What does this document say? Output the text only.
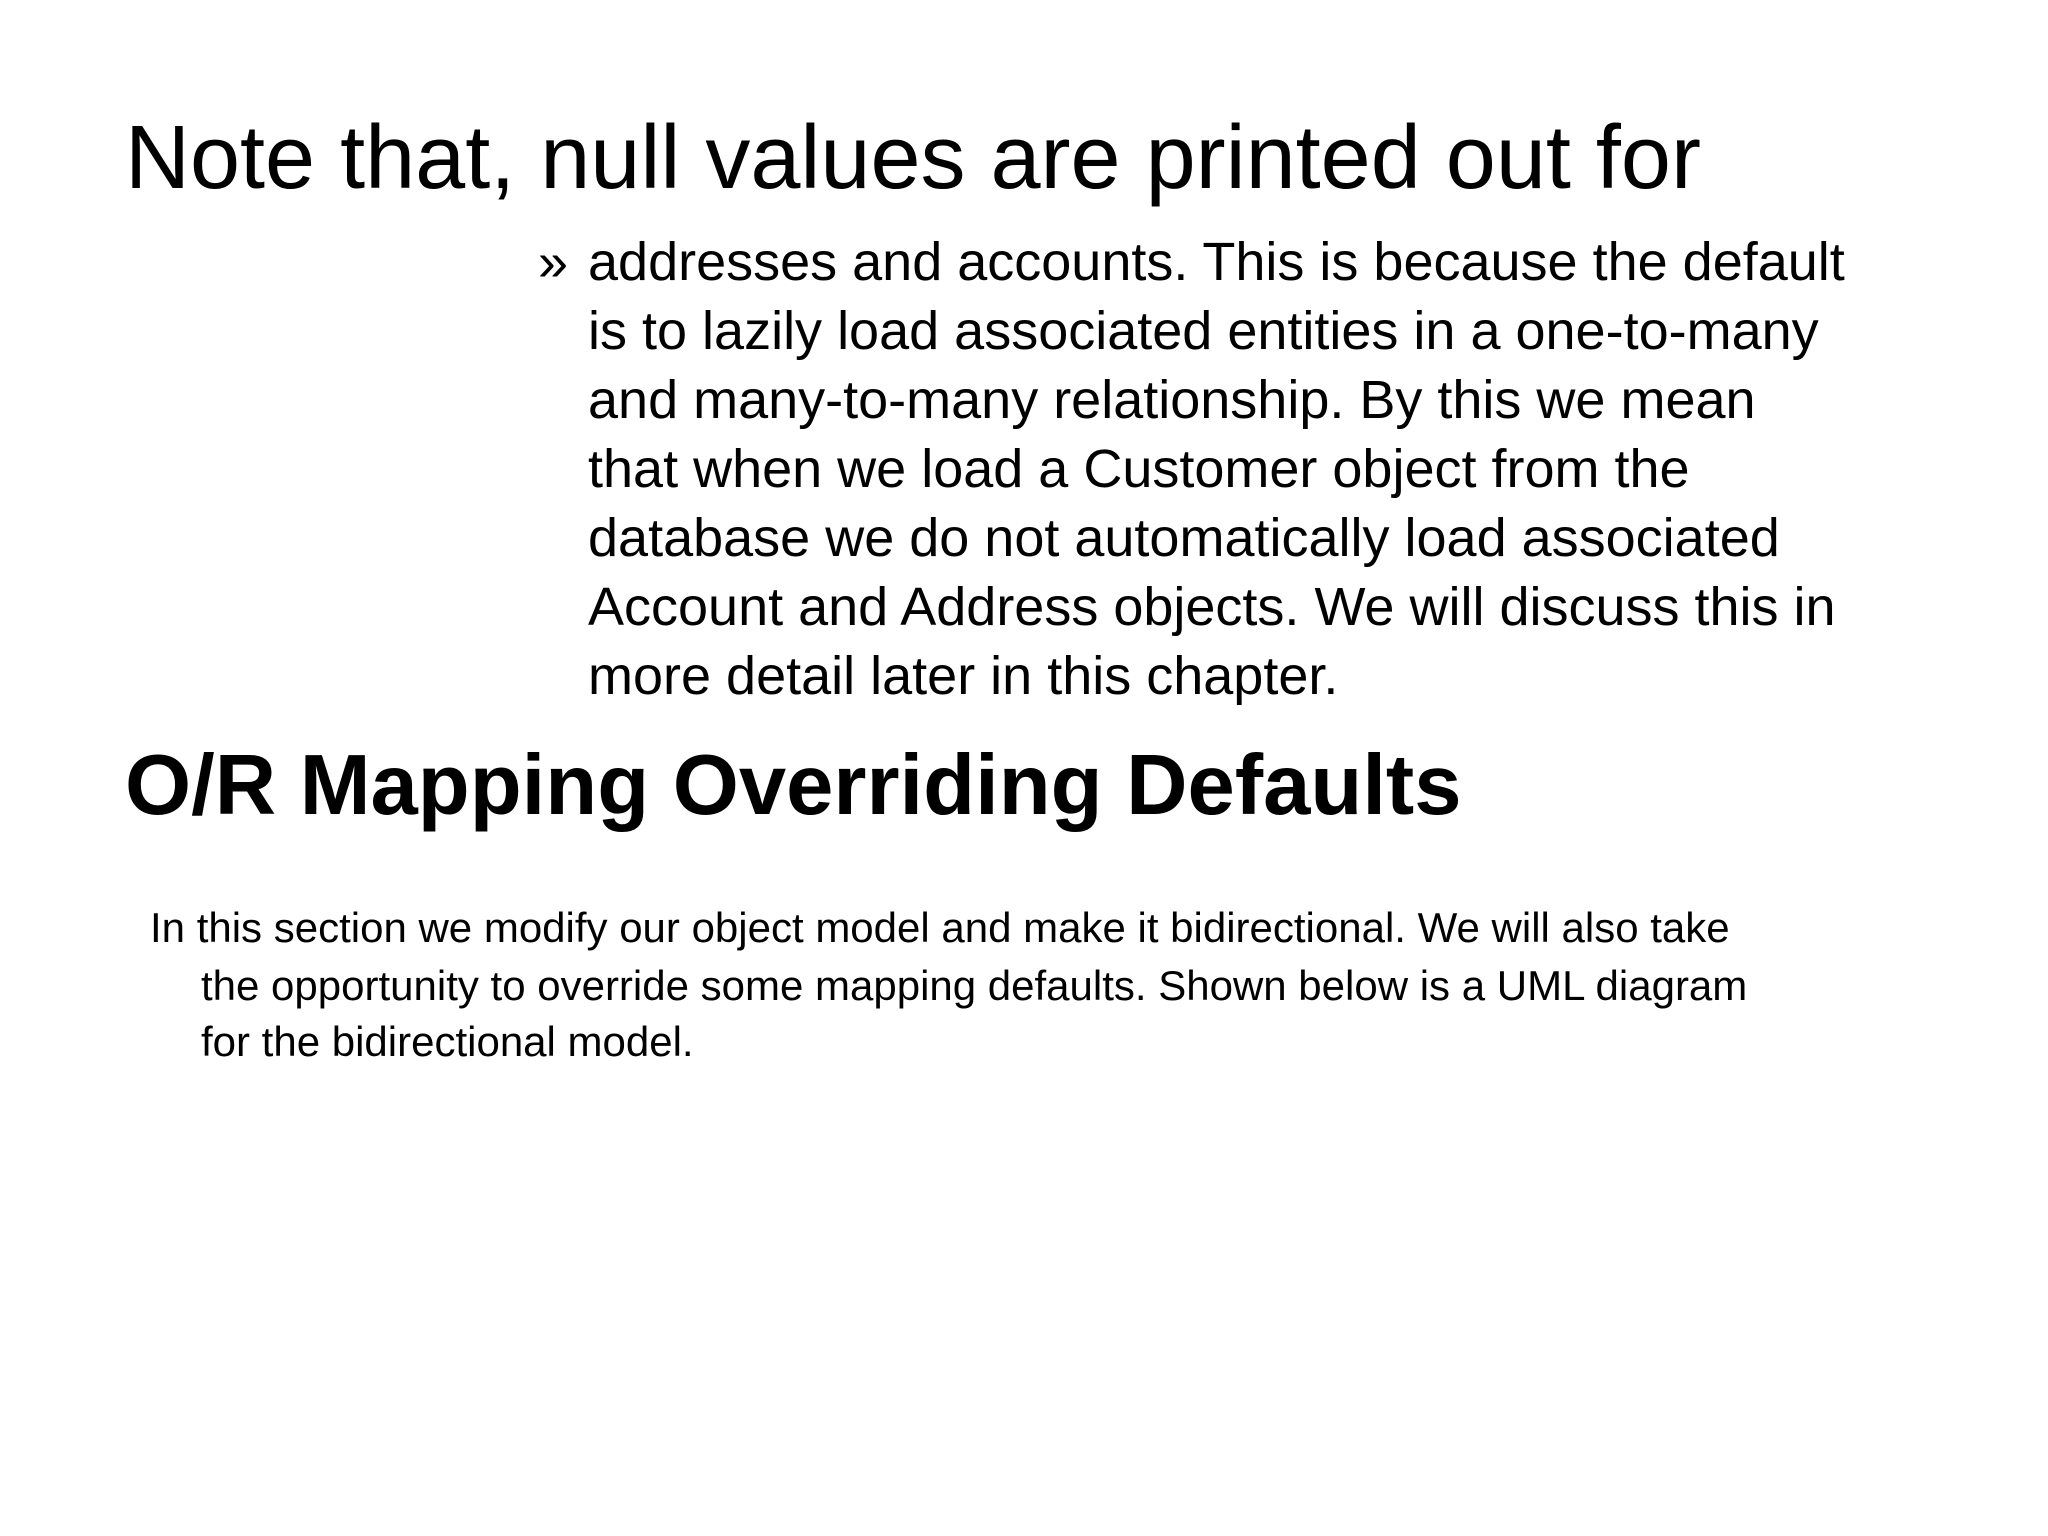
Note that, null values are printed out for
» addresses and accounts. This is because the default
is to lazily load associated entities in a one-to-many
and many-to-many relationship. By this we mean
that when we load a Customer object from the
database we do not automatically load associated
Account and Address objects. We will discuss this in
more detail later in this chapter.

O/R Mapping Overriding Defaults

In this section we modify our object model and make it bidirectional. We will also take
the opportunity to override some mapping defaults. Shown below is a UML diagram
for the bidirectional model.
